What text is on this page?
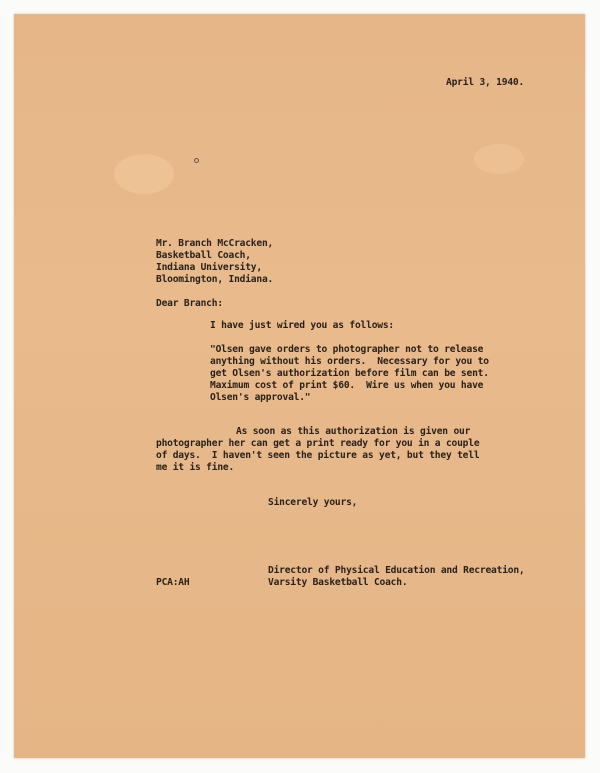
April 3, 1940.
Mr. Branch McCracken,
Basketball Coach,
Indiana University,
Bloomington, Indiana.
Dear Branch:
I have just wired you as follows:
"Olsen gave orders to photographer not to release
anything without his orders.  Necessary for you to
get Olsen's authorization before film can be sent.
Maximum cost of print $60.  Wire us when you have
Olsen's approval."
As soon as this authorization is given our
photographer her can get a print ready for you in a couple
of days.  I haven't seen the picture as yet, but they tell
me it is fine.
Sincerely yours,
Director of Physical Education and Recreation,
Varsity Basketball Coach.
PCA:AH
